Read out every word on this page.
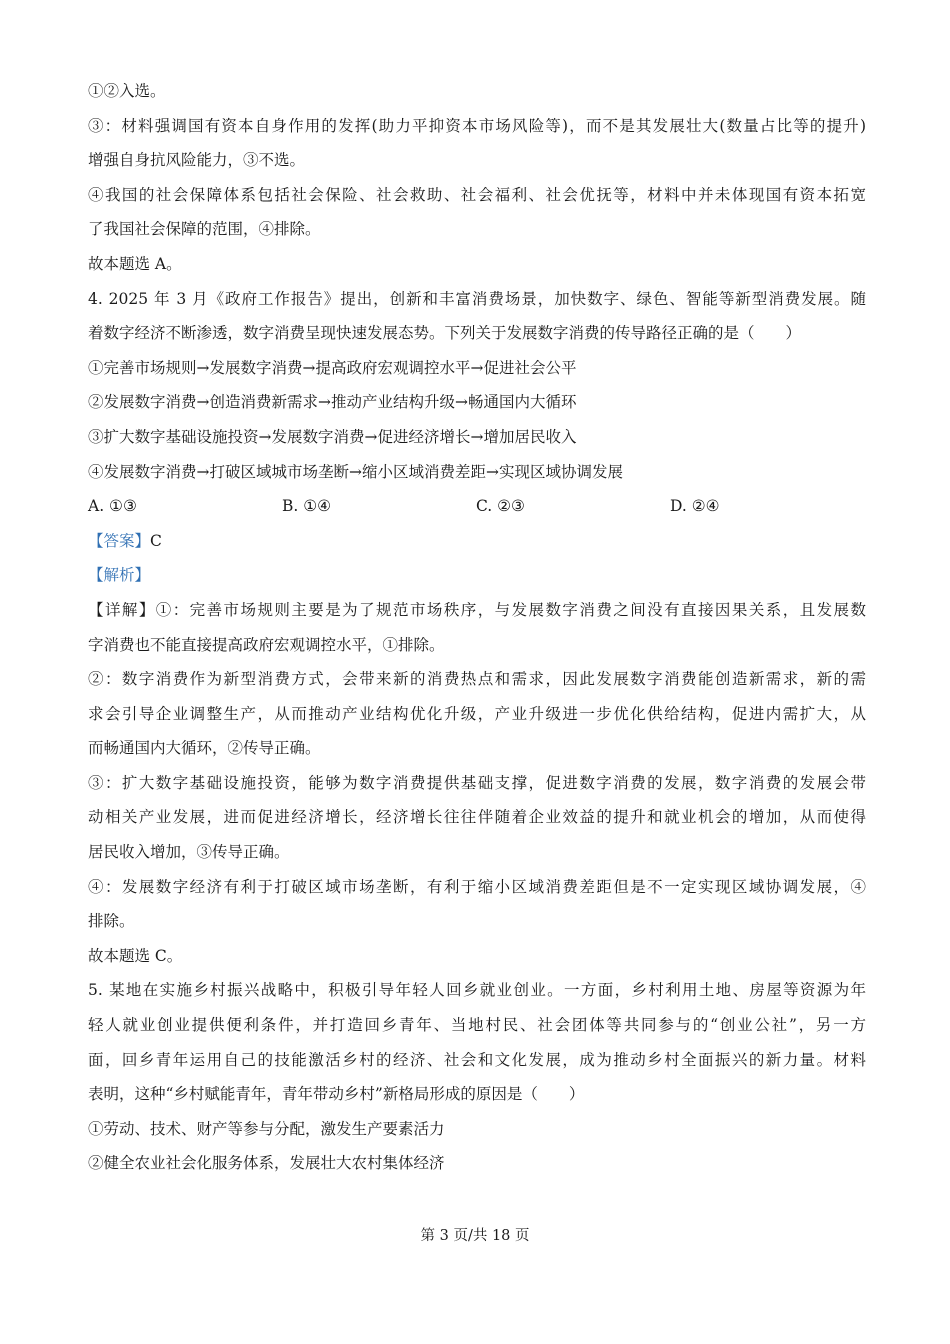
①②入选。
③：材料强调国有资本自身作用的发挥(助力平抑资本市场风险等)，而不是其发展壮大(数量占比等的提升)
增强自身抗风险能力，③不选。
④我国的社会保障体系包括社会保险、社会救助、社会福利、社会优抚等，材料中并未体现国有资本拓宽
了我国社会保障的范围，④排除。
故本题选 A。
4. 2025 年 3 月《政府工作报告》提出，创新和丰富消费场景，加快数字、绿色、智能等新型消费发展。随
着数字经济不断渗透，数字消费呈现快速发展态势。下列关于发展数字消费的传导路径正确的是（　　）
①完善市场规则→发展数字消费→提高政府宏观调控水平→促进社会公平
②发展数字消费→创造消费新需求→推动产业结构升级→畅通国内大循环
③扩大数字基础设施投资→发展数字消费→促进经济增长→增加居民收入
④发展数字消费→打破区域城市场垄断→缩小区域消费差距→实现区域协调发展
A. ①③	B. ①④	C. ②③	D. ②④
【答案】C
【解析】
【详解】①：完善市场规则主要是为了规范市场秩序，与发展数字消费之间没有直接因果关系，且发展数
字消费也不能直接提高政府宏观调控水平，①排除。
②：数字消费作为新型消费方式，会带来新的消费热点和需求，因此发展数字消费能创造新需求，新的需
求会引导企业调整生产，从而推动产业结构优化升级，产业升级进一步优化供给结构，促进内需扩大，从
而畅通国内大循环，②传导正确。
③：扩大数字基础设施投资，能够为数字消费提供基础支撑，促进数字消费的发展，数字消费的发展会带
动相关产业发展，进而促进经济增长，经济增长往往伴随着企业效益的提升和就业机会的增加，从而使得
居民收入增加，③传导正确。
④：发展数字经济有利于打破区域市场垄断，有利于缩小区域消费差距但是不一定实现区域协调发展，④
排除。
故本题选 C。
5. 某地在实施乡村振兴战略中，积极引导年轻人回乡就业创业。一方面，乡村利用土地、房屋等资源为年
轻人就业创业提供便利条件，并打造回乡青年、当地村民、社会团体等共同参与的“创业公社”，另一方
面，回乡青年运用自己的技能激活乡村的经济、社会和文化发展，成为推动乡村全面振兴的新力量。材料
表明，这种“乡村赋能青年，青年带动乡村”新格局形成的原因是（　　）
①劳动、技术、财产等参与分配，激发生产要素活力
②健全农业社会化服务体系，发展壮大农村集体经济
第 3 页/共 18 页
